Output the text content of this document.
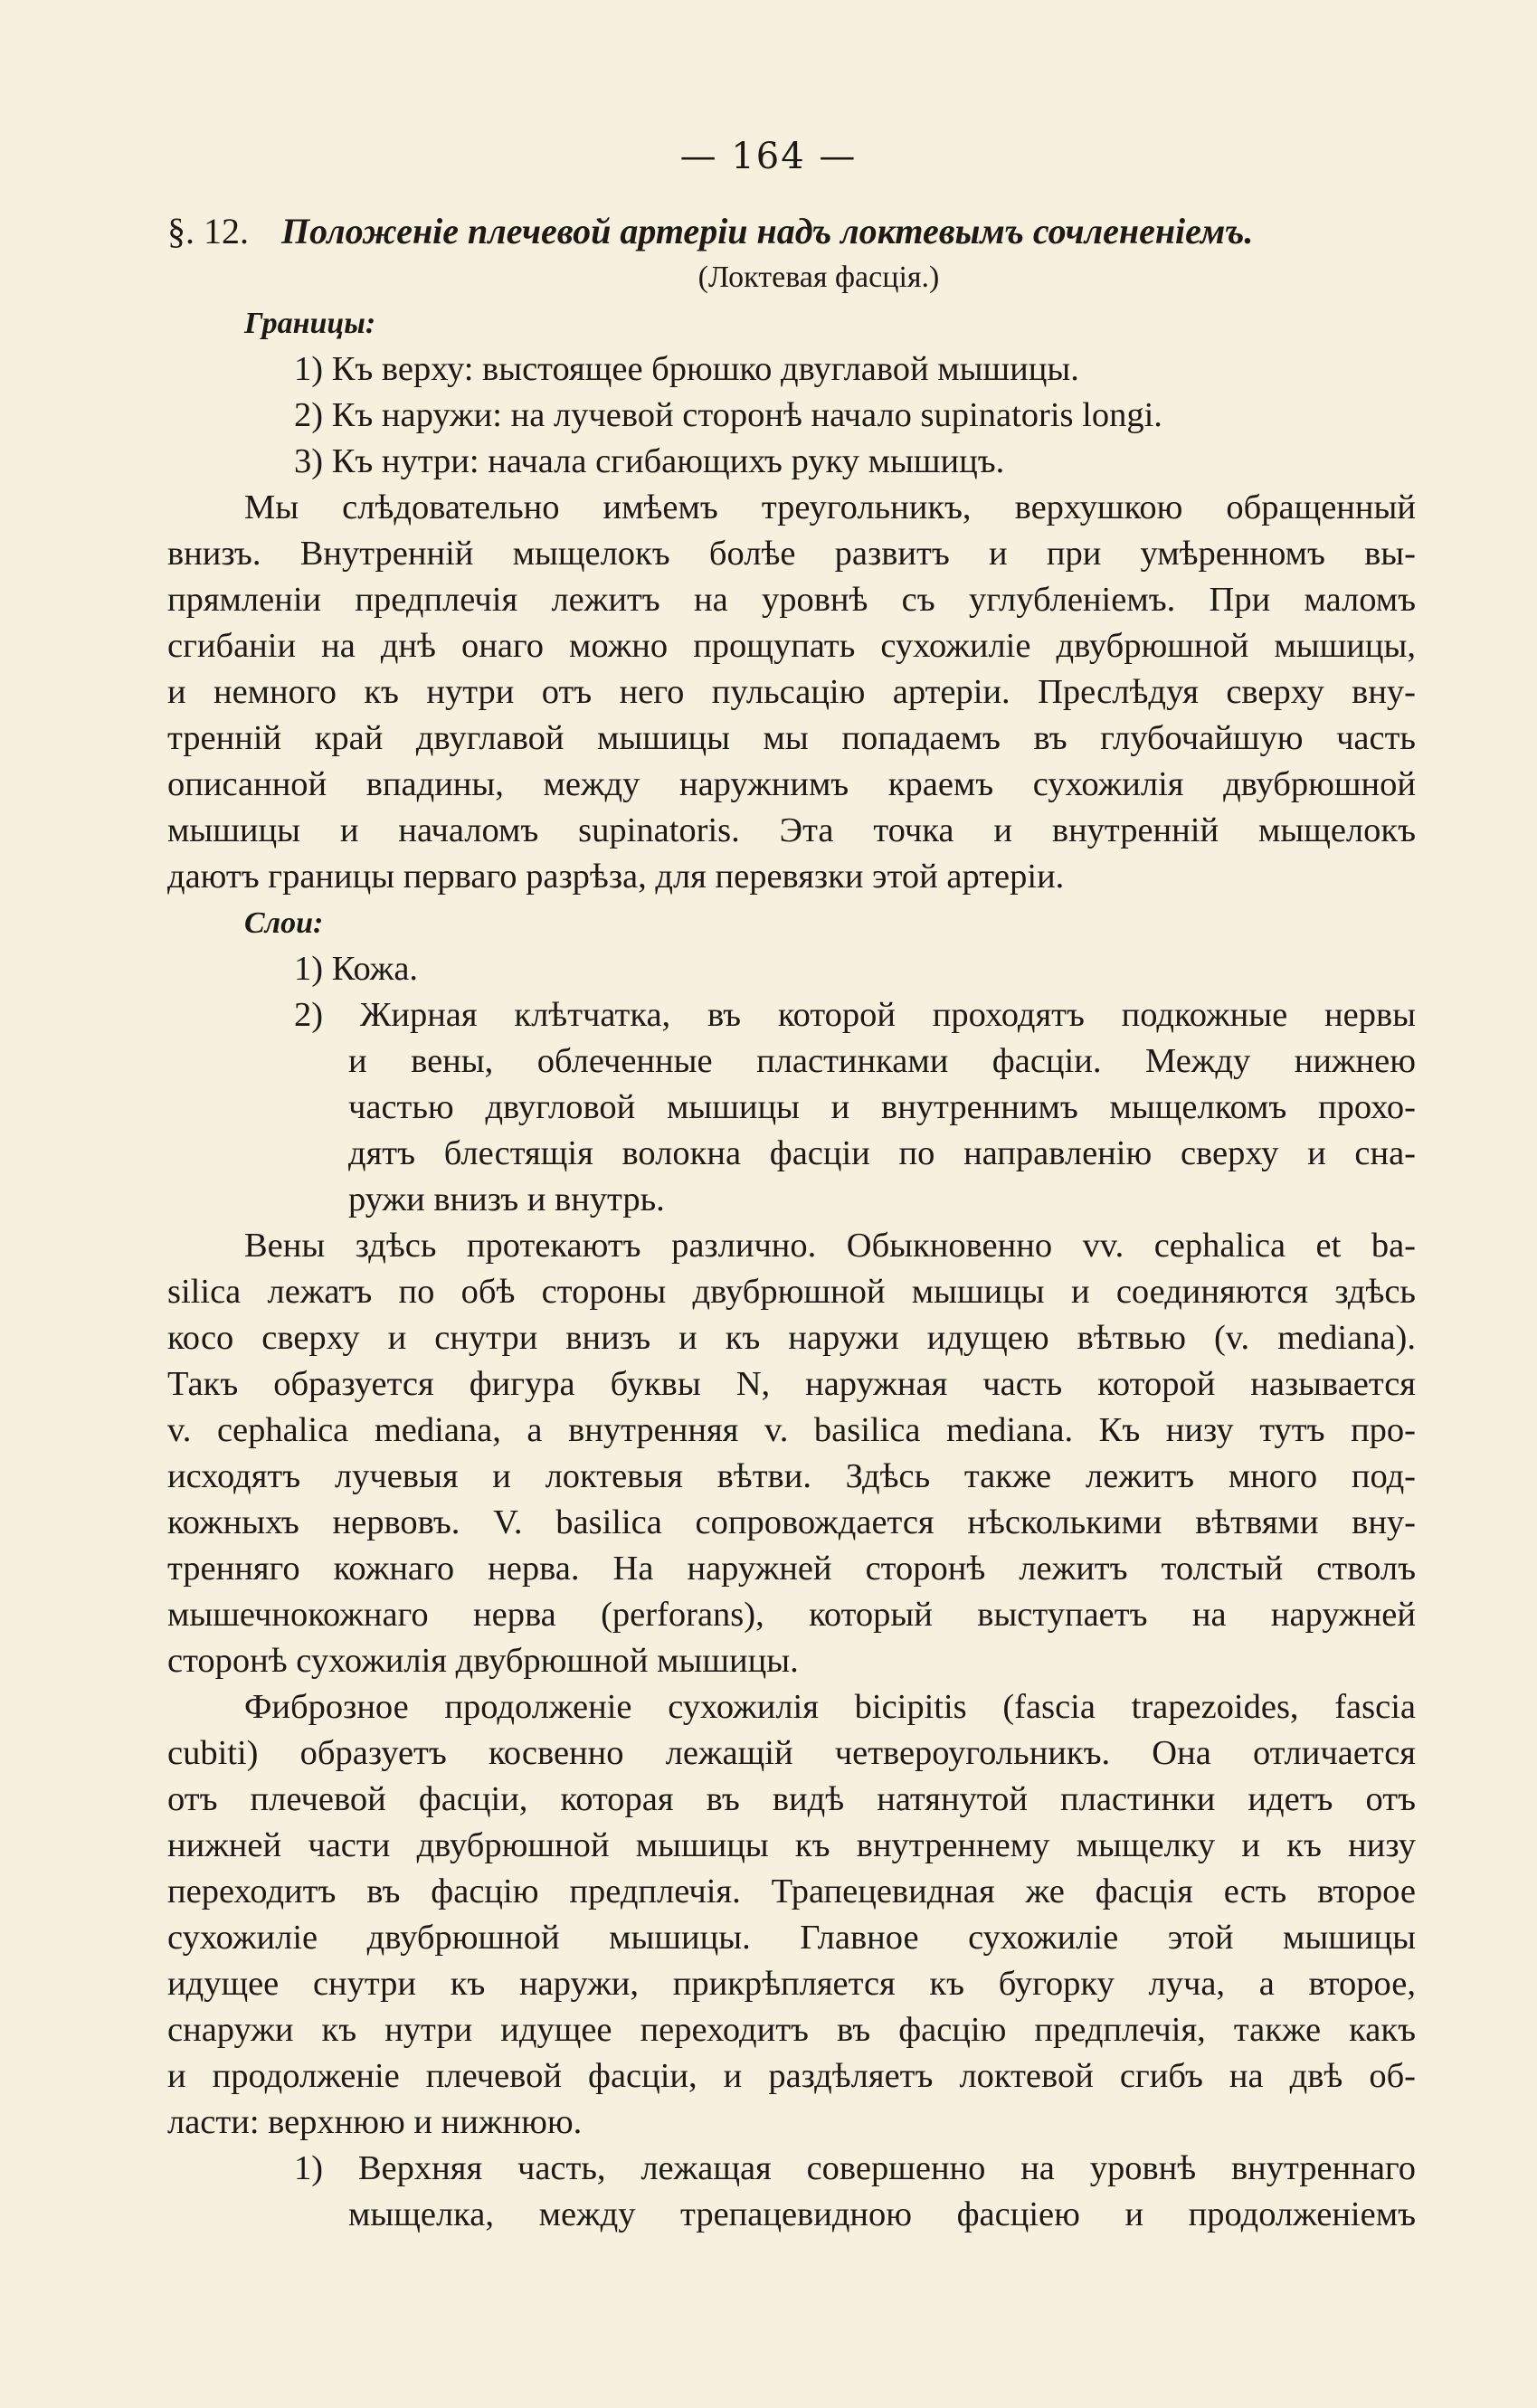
— 164 —
§. 12. Положеніе плечевой артеріи надъ локтевымъ сочлененіемъ.
(Локтевая фасція.)
Границы:
1) Къ верху: выстоящее брюшко двуглавой мышицы.
2) Къ наружи: на лучевой сторонѣ начало supinatoris longi.
3) Къ нутри: начала сгибающихъ руку мышицъ.
Мы слѣдовательно имѣемъ треугольникъ, верхушкою обращенный
внизъ. Внутренній мыщелокъ болѣе развитъ и при умѣренномъ вы-
прямленіи предплечія лежитъ на уровнѣ съ углубленіемъ. При маломъ
сгибаніи на днѣ онаго можно прощупать сухожиліе двубрюшной мышицы,
и немного къ нутри отъ него пульсацію артеріи. Преслѣдуя сверху вну-
тренній край двуглавой мышицы мы попадаемъ въ глубочайшую часть
описанной впадины, между наружнимъ краемъ сухожилія двубрюшной
мышицы и началомъ supinatoris. Эта точка и внутренній мыщелокъ
даютъ границы перваго разрѣза, для перевязки этой артеріи.
Слои:
1) Кожа.
2) Жирная клѣтчатка, въ которой проходятъ подкожные нервы
и вены, облеченные пластинками фасціи. Между нижнею
частью двугловой мышицы и внутреннимъ мыщелкомъ прохо-
дятъ блестящія волокна фасціи по направленію сверху и сна-
ружи внизъ и внутрь.
Вены здѣсь протекаютъ различно. Обыкновенно vv. cephalica et ba-
silica лежатъ по обѣ стороны двубрюшной мышицы и соединяются здѣсь
косо сверху и снутри внизъ и къ наружи идущею вѣтвью (v. mediana).
Такъ образуется фигура буквы N, наружная часть которой называется
v. cephalica mediana, а внутренняя v. basilica mediana. Къ низу тутъ про-
исходятъ лучевыя и локтевыя вѣтви. Здѣсь также лежитъ много под-
кожныхъ нервовъ. V. basilica сопровождается нѣсколькими вѣтвями вну-
тренняго кожнаго нерва. На наружней сторонѣ лежитъ толстый стволъ
мышечнокожнаго нерва (perforans), который выступаетъ на наружней
сторонѣ сухожилія двубрюшной мышицы.
Фиброзное продолженіе сухожилія bicipitis (fascia trapezoides, fascia
cubiti) образуетъ косвенно лежащій четвероугольникъ. Она отличается
отъ плечевой фасціи, которая въ видѣ натянутой пластинки идетъ отъ
нижней части двубрюшной мышицы къ внутреннему мыщелку и къ низу
переходитъ въ фасцію предплечія. Трапецевидная же фасція есть второе
сухожиліе двубрюшной мышицы. Главное сухожиліе этой мышицы
идущее снутри къ наружи, прикрѣпляется къ бугорку луча, а второе,
снаружи къ нутри идущее переходитъ въ фасцію предплечія, также какъ
и продолженіе плечевой фасціи, и раздѣляетъ локтевой сгибъ на двѣ об-
ласти: верхнюю и нижнюю.
1) Верхняя часть, лежащая совершенно на уровнѣ внутреннаго
мыщелка, между трепацевидною фасціею и продолженіемъ
